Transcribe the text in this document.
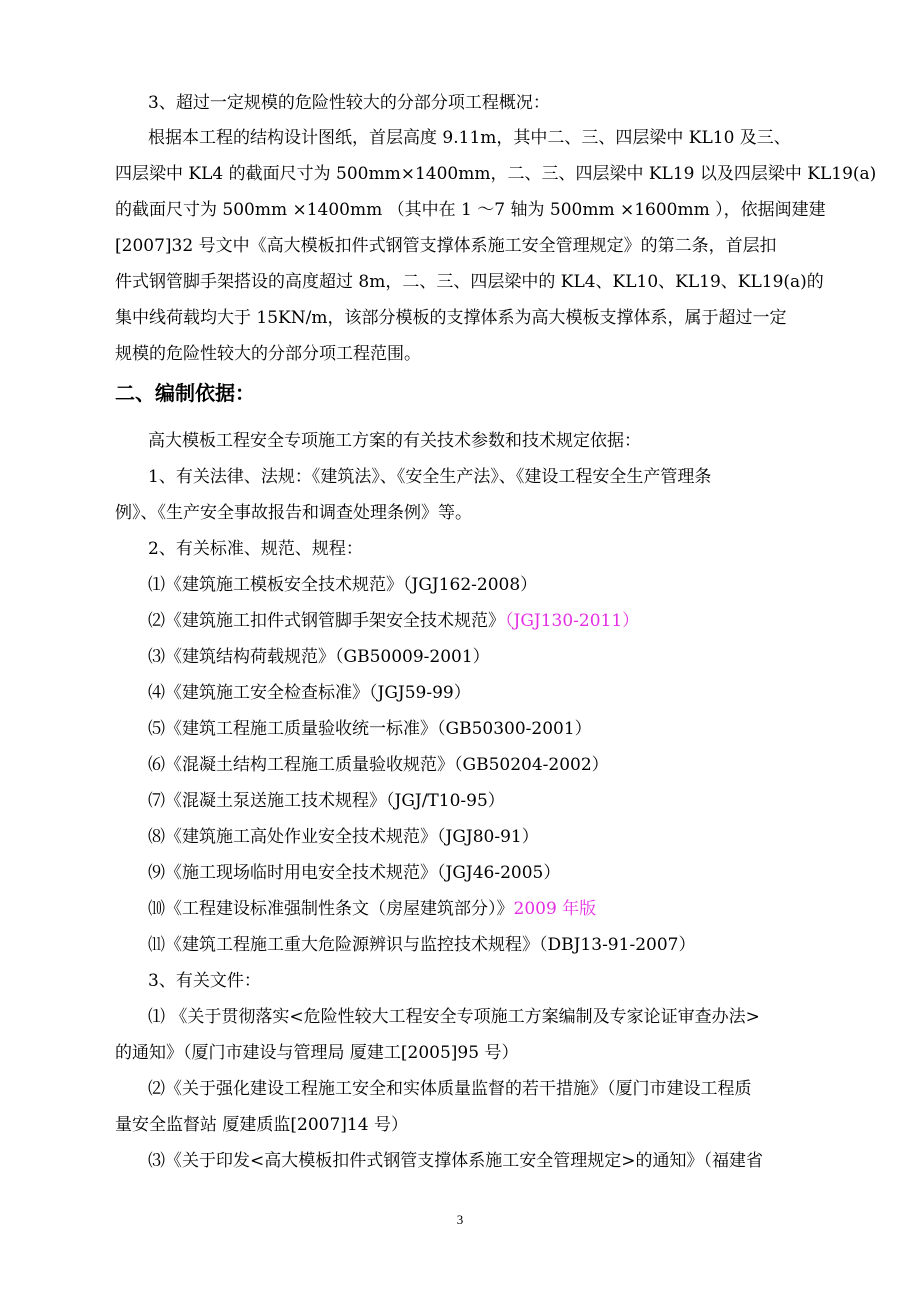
3、超过一定规模的危险性较大的分部分项工程概况：
根据本工程的结构设计图纸，首层高度 9.11m，其中二、三、四层梁中 KL10 及三、
四层梁中 KL4 的截面尺寸为 500mm×1400mm，二、三、四层梁中 KL19 以及四层梁中 KL19(a)
的截面尺寸为 500mm ×1400mm （其中在 1 ～7 轴为 500mm ×1600mm ），依据闽建建
[2007]32 号文中《高大模板扣件式钢管支撑体系施工安全管理规定》的第二条，首层扣
件式钢管脚手架搭设的高度超过 8m，二、三、四层梁中的 KL4、KL10、KL19、KL19(a)的
集中线荷载均大于 15KN/m，该部分模板的支撑体系为高大模板支撑体系，属于超过一定
规模的危险性较大的分部分项工程范围。
二、编制依据：
高大模板工程安全专项施工方案的有关技术参数和技术规定依据：
1、有关法律、法规：《建筑法》、《安全生产法》、《建设工程安全生产管理条
例》、《生产安全事故报告和调查处理条例》等。
2、有关标准、规范、规程：
⑴《建筑施工模板安全技术规范》（JGJ162-2008）
⑵《建筑施工扣件式钢管脚手架安全技术规范》（JGJ130-2011）
⑶《建筑结构荷载规范》（GB50009-2001）
⑷《建筑施工安全检查标准》（JGJ59-99）
⑸《建筑工程施工质量验收统一标准》（GB50300-2001）
⑹《混凝土结构工程施工质量验收规范》（GB50204-2002）
⑺《混凝土泵送施工技术规程》（JGJ/T10-95）
⑻《建筑施工高处作业安全技术规范》（JGJ80-91）
⑼《施工现场临时用电安全技术规范》（JGJ46-2005）
⑽《工程建设标准强制性条文（房屋建筑部分）》2009 年版
⑾《建筑工程施工重大危险源辨识与监控技术规程》（DBJ13-91-2007）
3、有关文件：
⑴ 《关于贯彻落实<危险性较大工程安全专项施工方案编制及专家论证审查办法>
的通知》（厦门市建设与管理局 厦建工[2005]95 号）
⑵《关于强化建设工程施工安全和实体质量监督的若干措施》（厦门市建设工程质
量安全监督站 厦建质监[2007]14 号）
⑶《关于印发<高大模板扣件式钢管支撑体系施工安全管理规定>的通知》（福建省
3
